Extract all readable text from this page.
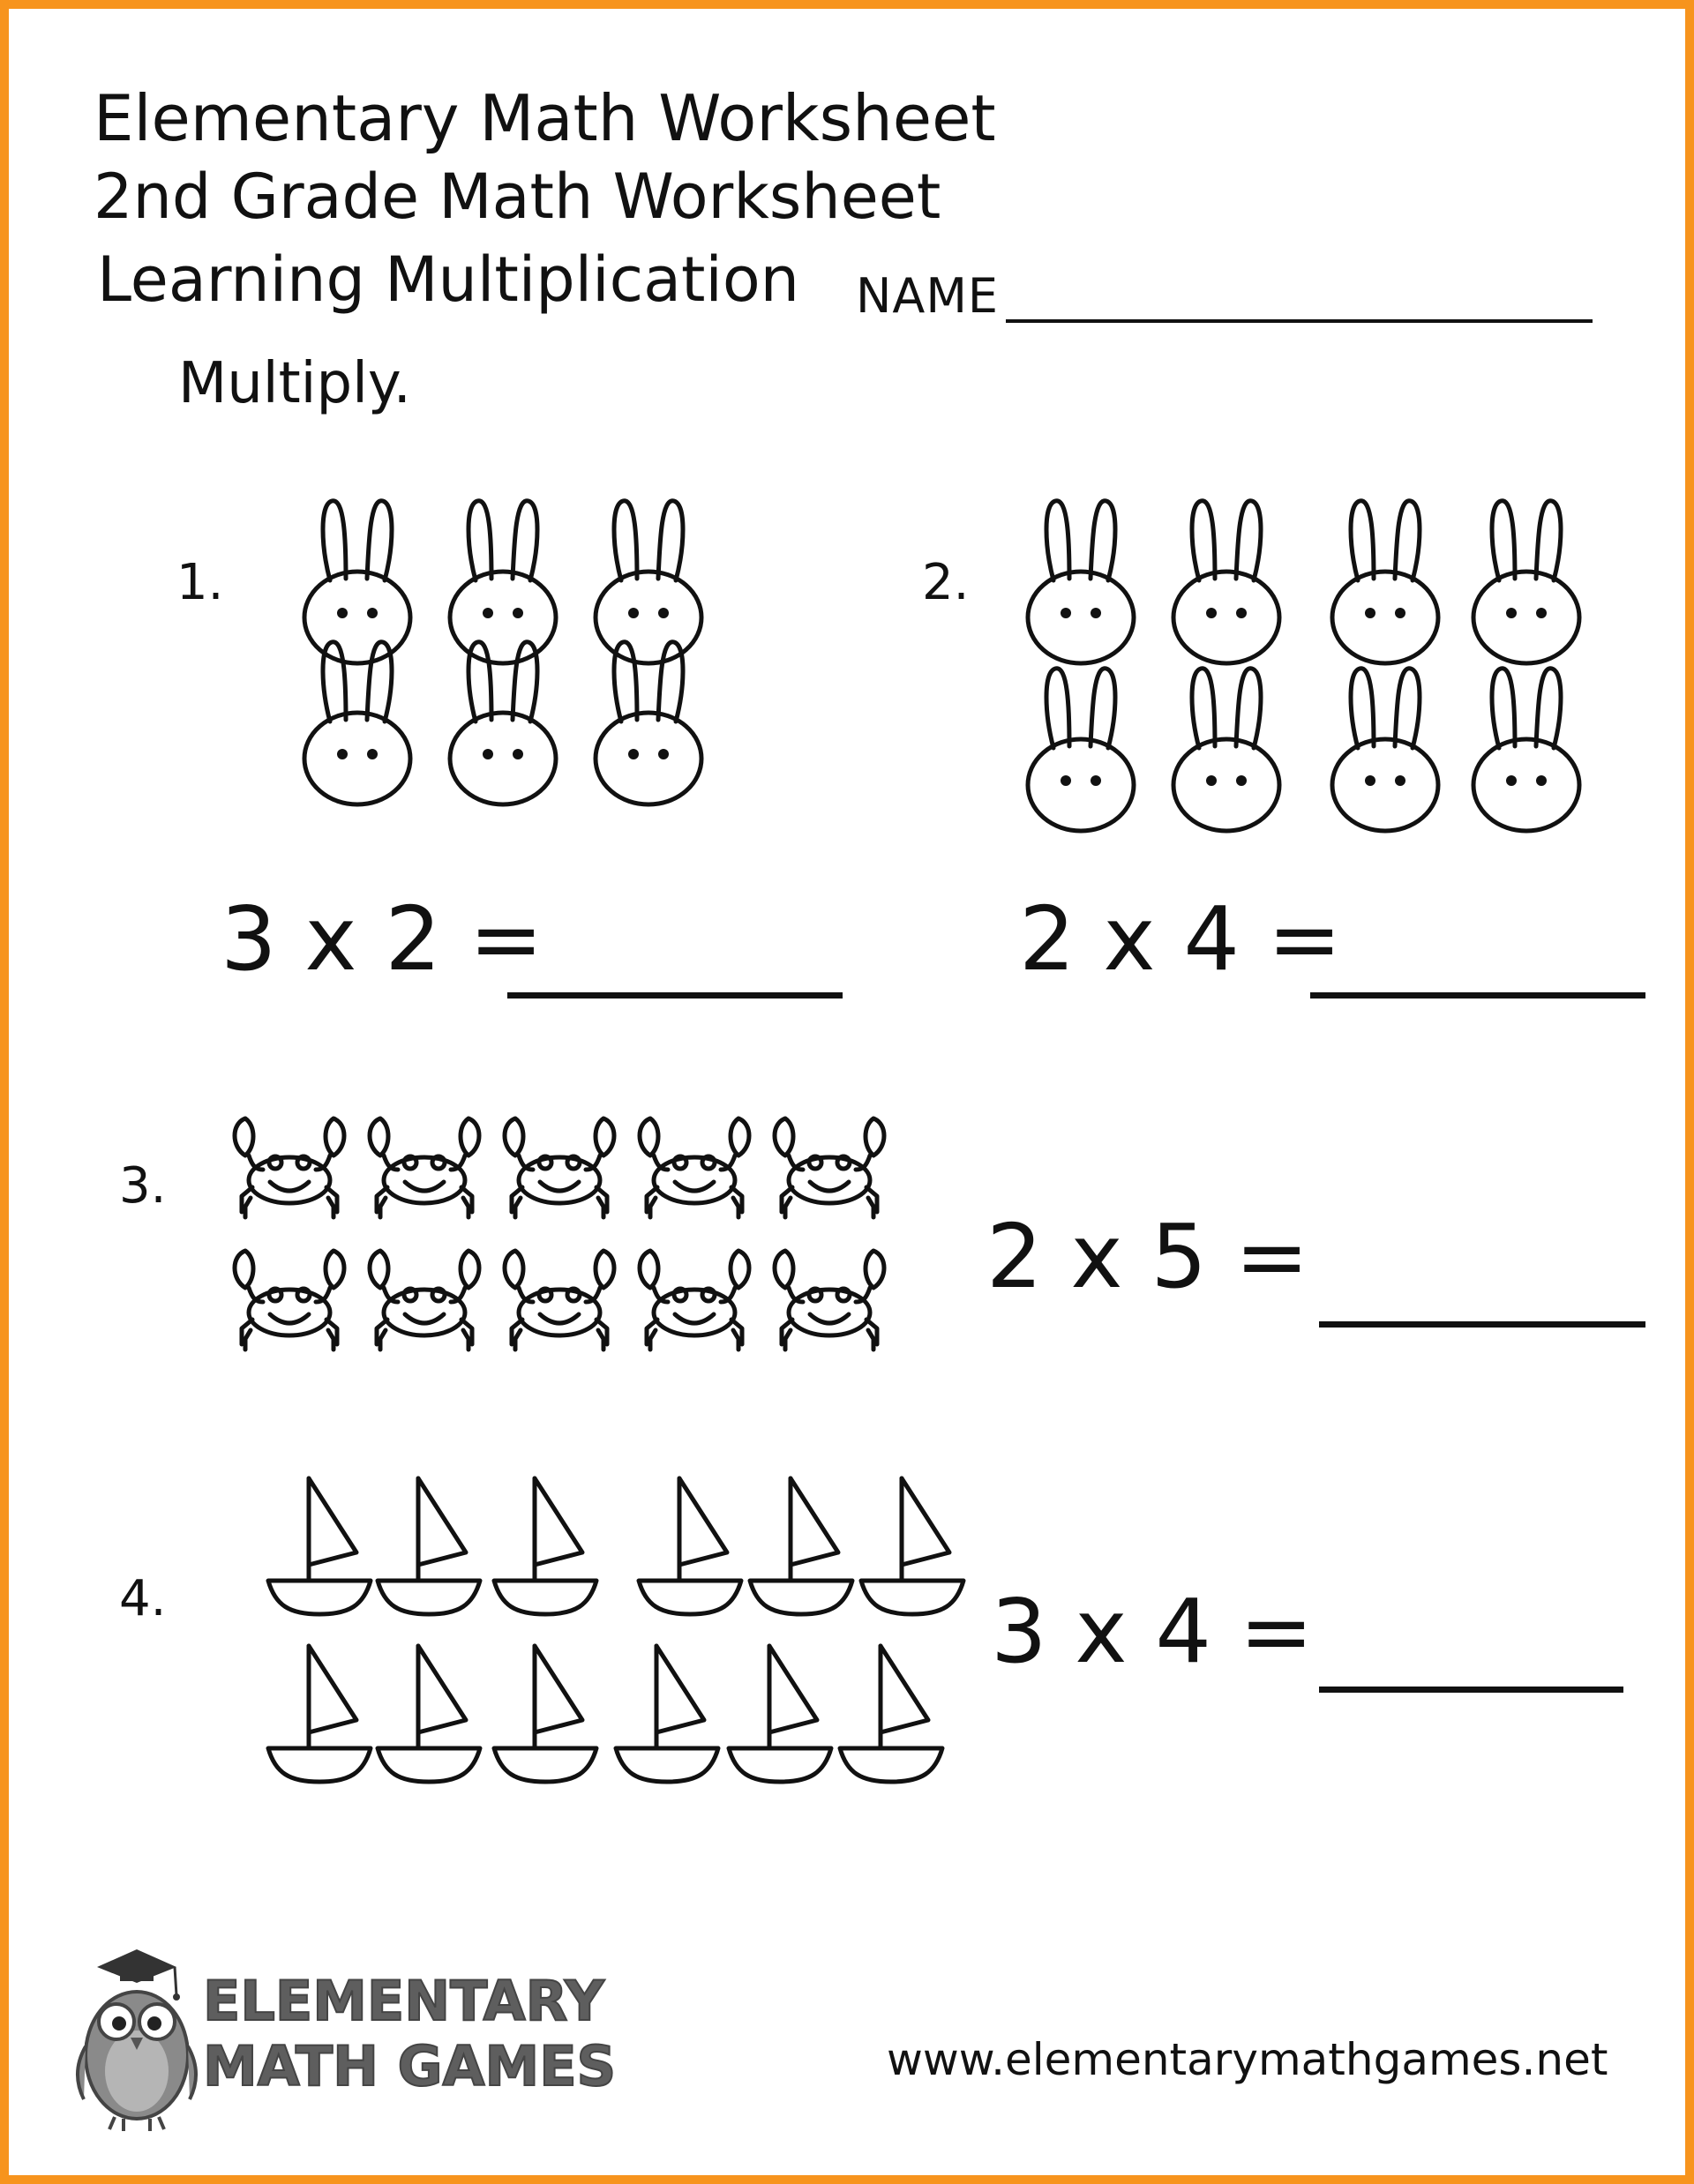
Elementary Math Worksheet
2nd Grade Math Worksheet
Learning Multiplication NAME
Multiply.
1.
3 x 2 =
2.
2 x 4 =
3.
2 x 5 =
4.	3 x 4 =
ELEMENTARY
MATH GAMES	www.elementarymathgames.net
